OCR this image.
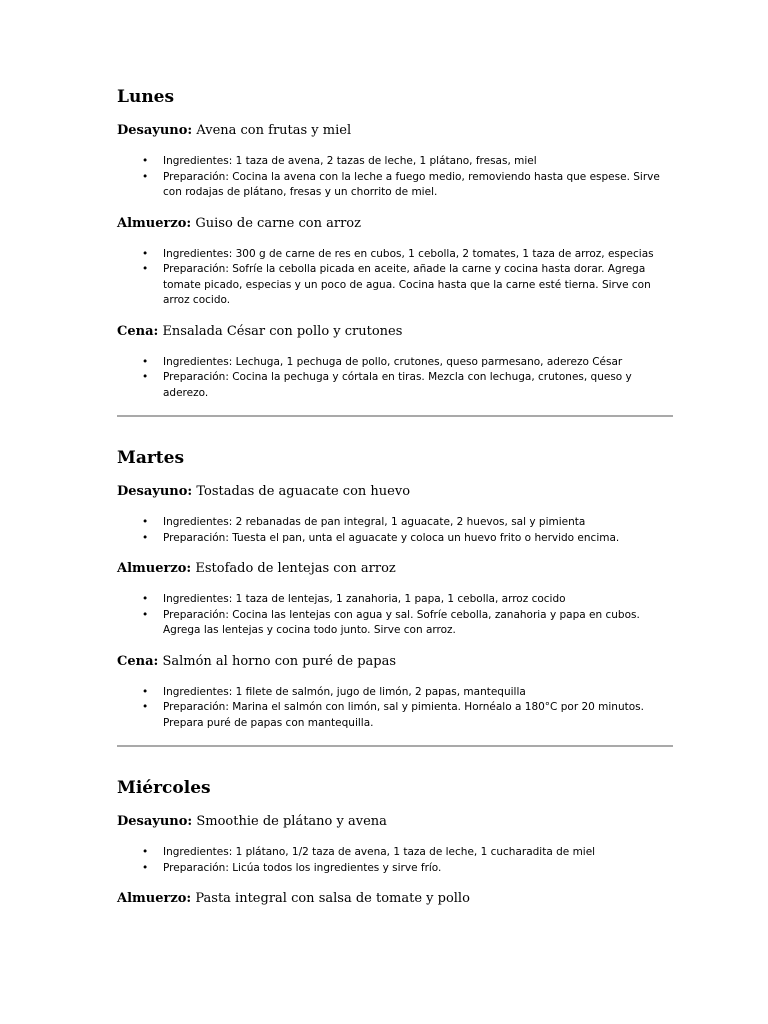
Lunes

Desayuno: Avena con frutas y miel

• Ingredientes: 1 taza de avena, 2 tazas de leche, 1 plátano, fresas, miel
• Preparación: Cocina la avena con la leche a fuego medio, removiendo hasta que espese. Sirve con rodajas de plátano, fresas y un chorrito de miel.

Almuerzo: Guiso de carne con arroz

• Ingredientes: 300 g de carne de res en cubos, 1 cebolla, 2 tomates, 1 taza de arroz, especias
• Preparación: Sofríe la cebolla picada en aceite, añade la carne y cocina hasta dorar. Agrega tomate picado, especias y un poco de agua. Cocina hasta que la carne esté tierna. Sirve con arroz cocido.

Cena: Ensalada César con pollo y crutones

• Ingredientes: Lechuga, 1 pechuga de pollo, crutones, queso parmesano, aderezo César
• Preparación: Cocina la pechuga y córtala en tiras. Mezcla con lechuga, crutones, queso y aderezo.
Martes

Desayuno: Tostadas de aguacate con huevo

• Ingredientes: 2 rebanadas de pan integral, 1 aguacate, 2 huevos, sal y pimienta
• Preparación: Tuesta el pan, unta el aguacate y coloca un huevo frito o hervido encima.

Almuerzo: Estofado de lentejas con arroz

• Ingredientes: 1 taza de lentejas, 1 zanahoria, 1 papa, 1 cebolla, arroz cocido
• Preparación: Cocina las lentejas con agua y sal. Sofríe cebolla, zanahoria y papa en cubos. Agrega las lentejas y cocina todo junto. Sirve con arroz.

Cena: Salmón al horno con puré de papas

• Ingredientes: 1 filete de salmón, jugo de limón, 2 papas, mantequilla
• Preparación: Marina el salmón con limón, sal y pimienta. Hornéalo a 180°C por 20 minutos. Prepara puré de papas con mantequilla.
Miércoles

Desayuno: Smoothie de plátano y avena

• Ingredientes: 1 plátano, 1/2 taza de avena, 1 taza de leche, 1 cucharadita de miel
• Preparación: Licúa todos los ingredientes y sirve frío.

Almuerzo: Pasta integral con salsa de tomate y pollo
